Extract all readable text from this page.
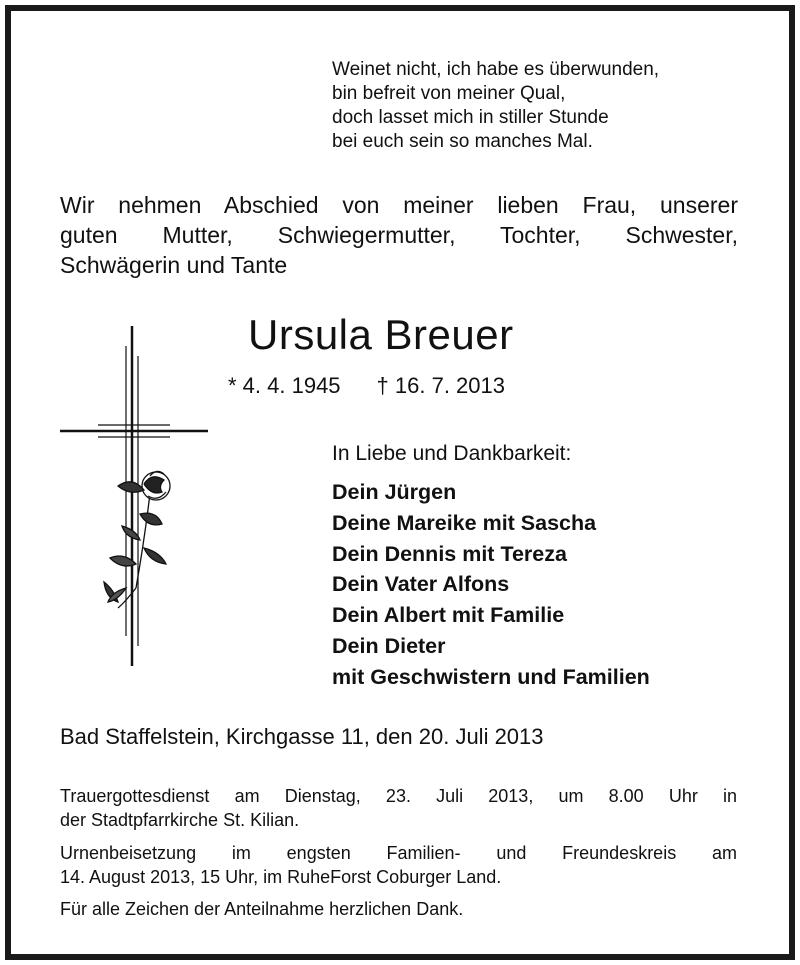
Weinet nicht, ich habe es überwunden,
bin befreit von meiner Qual,
doch lasset mich in stiller Stunde
bei euch sein so manches Mal.
Wir nehmen Abschied von meiner lieben Frau, unserer
guten Mutter, Schwiegermutter, Tochter, Schwester,
Schwägerin und Tante
Ursula Breuer
* 4. 4. 1945 † 16. 7. 2013
In Liebe und Dankbarkeit:
Dein Jürgen
Deine Mareike mit Sascha
Dein Dennis mit Tereza
Dein Vater Alfons
Dein Albert mit Familie
Dein Dieter
mit Geschwistern und Familien
Bad Staffelstein, Kirchgasse 11, den 20. Juli 2013
Trauergottesdienst am Dienstag, 23. Juli 2013, um 8.00 Uhr in
der Stadtpfarrkirche St. Kilian.
Urnenbeisetzung im engsten Familien- und Freundeskreis am
14. August 2013, 15 Uhr, im RuheForst Coburger Land.
Für alle Zeichen der Anteilnahme herzlichen Dank.
